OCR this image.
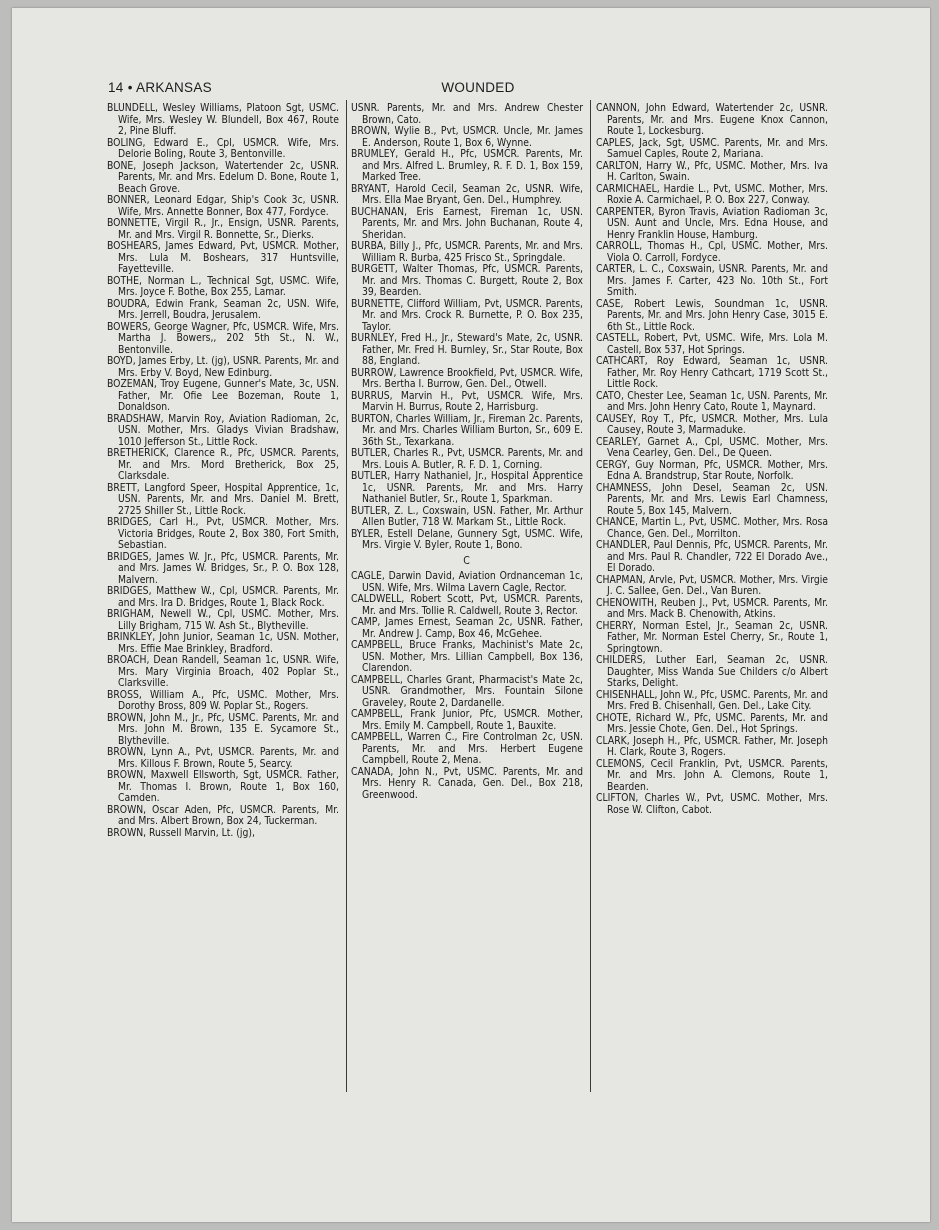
14 • ARKANSAS	WOUNDED

BLUNDELL, Wesley Williams, Platoon Sgt, USMC. Wife, Mrs. Wesley W. Blundell, Box 467, Route 2, Pine Bluff.

BOLING, Edward E., Cpl, USMCR. Wife, Mrs. Delorie Boling, Route 3, Bentonville.

BONE, Joseph Jackson, Watertender 2c, USNR. Parents, Mr. and Mrs. Edelum D. Bone, Route 1, Beach Grove.

BONNER, Leonard Edgar, Ship's Cook 3c, USNR. Wife, Mrs. Annette Bonner, Box 477, Fordyce.

BONNETTE, Virgil R., Jr., Ensign, USNR. Parents, Mr. and Mrs. Virgil R. Bonnette, Sr., Dierks.

BOSHEARS, James Edward, Pvt, USMCR. Mother, Mrs. Lula M. Boshears, 317 Huntsville, Fayetteville.

BOTHE, Norman L., Technical Sgt, USMC. Wife, Mrs. Joyce F. Bothe, Box 255, Lamar.

BOUDRA, Edwin Frank, Seaman 2c, USN. Wife, Mrs. Jerrell, Boudra, Jerusalem.

BOWERS, George Wagner, Pfc, USMCR. Wife, Mrs. Martha J. Bowers,, 202 5th St., N. W., Bentonville.

BOYD, James Erby, Lt. (jg), USNR. Parents, Mr. and Mrs. Erby V. Boyd, New Edinburg.

BOZEMAN, Troy Eugene, Gunner's Mate, 3c, USN. Father, Mr. Ofie Lee Bozeman, Route 1, Donaldson.

BRADSHAW, Marvin Roy, Aviation Radioman, 2c, USN. Mother, Mrs. Gladys Vivian Bradshaw, 1010 Jefferson St., Little Rock.

BRETHERICK, Clarence R., Pfc, USMCR. Parents, Mr. and Mrs. Mord Bretherick, Box 25, Clarksdale.

BRETT, Langford Speer, Hospital Apprentice, 1c, USN. Parents, Mr. and Mrs. Daniel M. Brett, 2725 Shiller St., Little Rock.

BRIDGES, Carl H., Pvt, USMCR. Mother, Mrs. Victoria Bridges, Route 2, Box 380, Fort Smith, Sebastian.

BRIDGES, James W. Jr., Pfc, USMCR. Parents, Mr. and Mrs. James W. Bridges, Sr., P. O. Box 128, Malvern.

BRIDGES, Matthew W., Cpl, USMCR. Parents, Mr. and Mrs. Ira D. Bridges, Route 1, Black Rock.

BRIGHAM, Newell W., Cpl, USMC. Mother, Mrs. Lilly Brigham, 715 W. Ash St., Blytheville.

BRINKLEY, John Junior, Seaman 1c, USN. Mother, Mrs. Effie Mae Brinkley, Bradford.

BROACH, Dean Randell, Seaman 1c, USNR. Wife, Mrs. Mary Virginia Broach, 402 Poplar St., Clarksville.

BROSS, William A., Pfc, USMC. Mother, Mrs. Dorothy Bross, 809 W. Poplar St., Rogers.

BROWN, John M., Jr., Pfc, USMC. Parents, Mr. and Mrs. John M. Brown, 135 E. Sycamore St., Blytheville.

BROWN, Lynn A., Pvt, USMCR. Parents, Mr. and Mrs. Killous F. Brown, Route 5, Searcy.

BROWN, Maxwell Ellsworth, Sgt, USMCR. Father, Mr. Thomas I. Brown, Route 1, Box 160, Camden.

BROWN, Oscar Aden, Pfc, USMCR. Parents, Mr. and Mrs. Albert Brown, Box 24, Tuckerman.

BROWN, Russell Marvin, Lt. (jg),

USNR. Parents, Mr. and Mrs. Andrew Chester Brown, Cato.

BROWN, Wylie B., Pvt, USMCR. Uncle, Mr. James E. Anderson, Route 1, Box 6, Wynne.

BRUMLEY, Gerald H., Pfc, USMCR. Parents, Mr. and Mrs. Alfred L. Brumley, R. F. D. 1, Box 159, Marked Tree.

BRYANT, Harold Cecil, Seaman 2c, USNR. Wife, Mrs. Ella Mae Bryant, Gen. Del., Humphrey.

BUCHANAN, Eris Earnest, Fireman 1c, USN. Parents, Mr. and Mrs. John Buchanan, Route 4, Sheridan.

BURBA, Billy J., Pfc, USMCR. Parents, Mr. and Mrs. William R. Burba, 425 Frisco St., Springdale.

BURGETT, Walter Thomas, Pfc, USMCR. Parents, Mr. and Mrs. Thomas C. Burgett, Route 2, Box 39, Bearden.

BURNETTE, Clifford William, Pvt, USMCR. Parents, Mr. and Mrs. Crock R. Burnette, P. O. Box 235, Taylor.

BURNLEY, Fred H., Jr., Steward's Mate, 2c, USNR. Father, Mr. Fred H. Burnley, Sr., Star Route, Box 88, England.

BURROW, Lawrence Brookfield, Pvt, USMCR. Wife, Mrs. Bertha I. Burrow, Gen. Del., Otwell.

BURRUS, Marvin H., Pvt, USMCR. Wife, Mrs. Marvin H. Burrus, Route 2, Harrisburg.

BURTON, Charles William, Jr., Fireman 2c. Parents, Mr. and Mrs. Charles William Burton, Sr., 609 E. 36th St., Texarkana.

BUTLER, Charles R., Pvt, USMCR. Parents, Mr. and Mrs. Louis A. Butler, R. F. D. 1, Corning.

BUTLER, Harry Nathaniel, Jr., Hospital Apprentice 1c, USNR. Parents, Mr. and Mrs. Harry Nathaniel Butler, Sr., Route 1, Sparkman.

BUTLER, Z. L., Coxswain, USN. Father, Mr. Arthur Allen Butler, 718 W. Markam St., Little Rock.

BYLER, Estell Delane, Gunnery Sgt, USMC. Wife, Mrs. Virgie V. Byler, Route 1, Bono.

C

CAGLE, Darwin David, Aviation Ordnanceman 1c, USN. Wife, Mrs. Wilma Lavern Cagle, Rector.

CALDWELL, Robert Scott, Pvt, USMCR. Parents, Mr. and Mrs. Tollie R. Caldwell, Route 3, Rector.

CAMP, James Ernest, Seaman 2c, USNR. Father, Mr. Andrew J. Camp, Box 46, McGehee.

CAMPBELL, Bruce Franks, Machinist's Mate 2c, USN. Mother, Mrs. Lillian Campbell, Box 136, Clarendon.

CAMPBELL, Charles Grant, Pharmacist's Mate 2c, USNR. Grandmother, Mrs. Fountain Silone Graveley, Route 2, Dardanelle.

CAMPBELL, Frank Junior, Pfc, USMCR. Mother, Mrs. Emily M. Campbell, Route 1, Bauxite.

CAMPBELL, Warren C., Fire Controlman 2c, USN. Parents, Mr. and Mrs. Herbert Eugene Campbell, Route 2, Mena.

CANADA, John N., Pvt, USMC. Parents, Mr. and Mrs. Henry R. Canada, Gen. Del., Box 218, Greenwood.

CANNON, John Edward, Watertender 2c, USNR. Parents, Mr. and Mrs. Eugene Knox Cannon, Route 1, Lockesburg.

CAPLES, Jack, Sgt, USMC. Parents, Mr. and Mrs. Samuel Caples, Route 2, Mariana.

CARLTON, Harry W., Pfc, USMC. Mother, Mrs. Iva H. Carlton, Swain.

CARMICHAEL, Hardie L., Pvt, USMC. Mother, Mrs. Roxie A. Carmichael, P. O. Box 227, Conway.

CARPENTER, Byron Travis, Aviation Radioman 3c, USN. Aunt and Uncle, Mrs. Edna House, and Henry Franklin House, Hamburg.

CARROLL, Thomas H., Cpl, USMC. Mother, Mrs. Viola O. Carroll, Fordyce.

CARTER, L. C., Coxswain, USNR. Parents, Mr. and Mrs. James F. Carter, 423 No. 10th St., Fort Smith.

CASE, Robert Lewis, Soundman 1c, USNR. Parents, Mr. and Mrs. John Henry Case, 3015 E. 6th St., Little Rock.

CASTELL, Robert, Pvt, USMC. Wife, Mrs. Lola M. Castell, Box 537, Hot Springs.

CATHCART, Roy Edward, Seaman 1c, USNR. Father, Mr. Roy Henry Cathcart, 1719 Scott St., Little Rock.

CATO, Chester Lee, Seaman 1c, USN. Parents, Mr. and Mrs. John Henry Cato, Route 1, Maynard.

CAUSEY, Roy T., Pfc, USMCR. Mother, Mrs. Lula Causey, Route 3, Marmaduke.

CEARLEY, Garnet A., Cpl, USMC. Mother, Mrs. Vena Cearley, Gen. Del., De Queen.

CERGY, Guy Norman, Pfc, USMCR. Mother, Mrs. Edna A. Brandstrup, Star Route, Norfolk.

CHAMNESS, John Desel, Seaman 2c, USN. Parents, Mr. and Mrs. Lewis Earl Chamness, Route 5, Box 145, Malvern.

CHANCE, Martin L., Pvt, USMC. Mother, Mrs. Rosa Chance, Gen. Del., Morrilton.

CHANDLER, Paul Dennis, Pfc, USMCR. Parents, Mr. and Mrs. Paul R. Chandler, 722 El Dorado Ave., El Dorado.

CHAPMAN, Arvle, Pvt, USMCR. Mother, Mrs. Virgie J. C. Sallee, Gen. Del., Van Buren.

CHENOWITH, Reuben J., Pvt, USMCR. Parents, Mr. and Mrs. Mack B. Chenowith, Atkins.

CHERRY, Norman Estel, Jr., Seaman 2c, USNR. Father, Mr. Norman Estel Cherry, Sr., Route 1, Springtown.

CHILDERS, Luther Earl, Seaman 2c, USNR. Daughter, Miss Wanda Sue Childers c/o Albert Starks, Delight.

CHISENHALL, John W., Pfc, USMC. Parents, Mr. and Mrs. Fred B. Chisenhall, Gen. Del., Lake City.

CHOTE, Richard W., Pfc, USMC. Parents, Mr. and Mrs. Jessie Chote, Gen. Del., Hot Springs.

CLARK, Joseph H., Pfc, USMCR. Father, Mr. Joseph H. Clark, Route 3, Rogers.

CLEMONS, Cecil Franklin, Pvt, USMCR. Parents, Mr. and Mrs. John A. Clemons, Route 1, Bearden.

CLIFTON, Charles W., Pvt, USMC. Mother, Mrs. Rose W. Clifton, Cabot.
